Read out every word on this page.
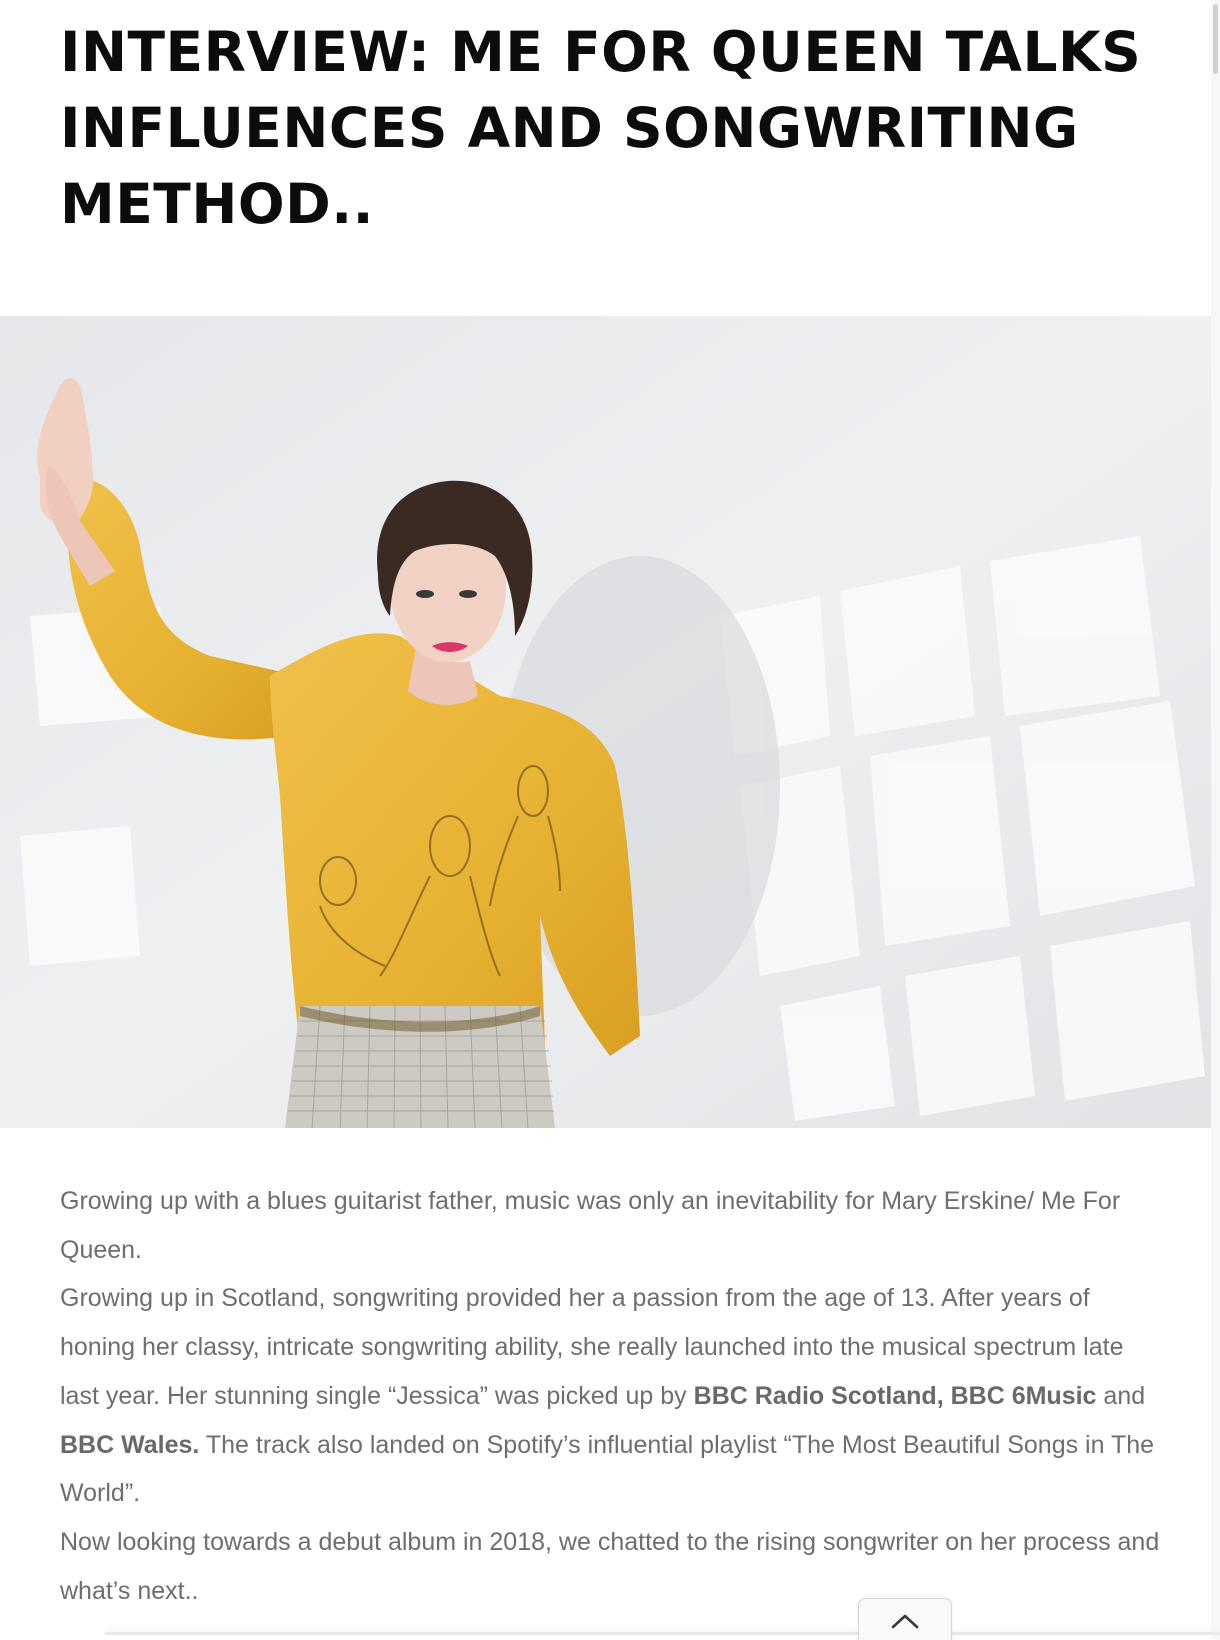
INTERVIEW: ME FOR QUEEN TALKS INFLUENCES AND SONGWRITING METHOD..

Growing up with a blues guitarist father, music was only an inevitability for Mary Erskine/ Me For Queen.

Growing up in Scotland, songwriting provided her a passion from the age of 13. After years of honing her classy, intricate songwriting ability, she really launched into the musical spectrum late last year. Her stunning single “Jessica” was picked up by BBC Radio Scotland, BBC 6Music and BBC Wales. The track also landed on Spotify’s influential playlist “The Most Beautiful Songs in The World”.

Now looking towards a debut album in 2018, we chatted to the rising songwriter on her process and what’s next..
